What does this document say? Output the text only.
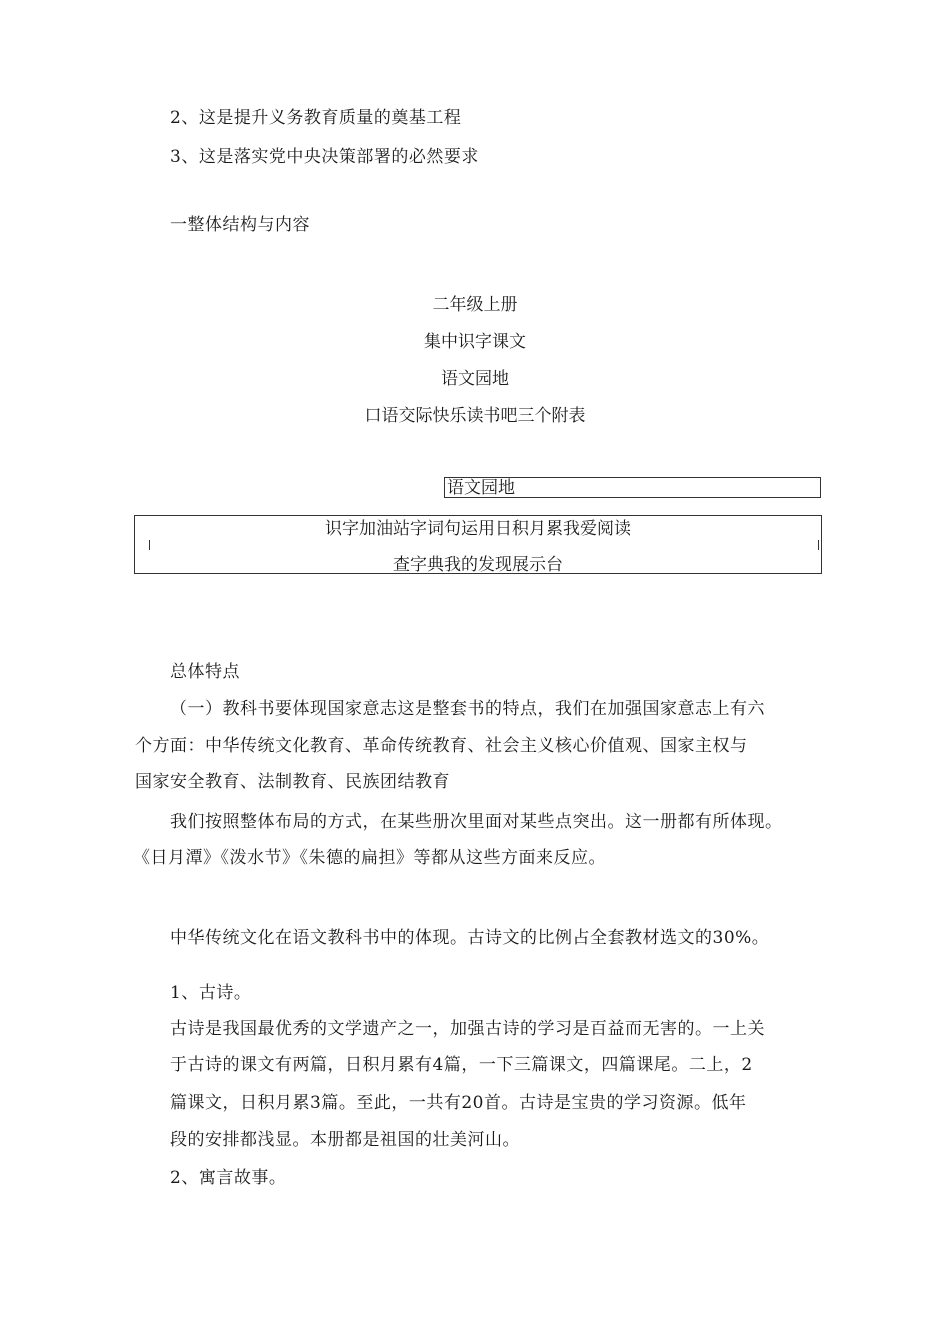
2、这是提升义务教育质量的奠基工程
3、这是落实党中央决策部署的必然要求
一整体结构与内容
二年级上册
集中识字课文
语文园地
口语交际快乐读书吧三个附表
语文园地
识字加油站字词句运用日积月累我爱阅读
查字典我的发现展示台
总体特点
（一）教科书要体现国家意志这是整套书的特点，我们在加强国家意志上有六
个方面：中华传统文化教育、革命传统教育、社会主义核心价值观、国家主权与
国家安全教育、法制教育、民族团结教育
我们按照整体布局的方式，在某些册次里面对某些点突出。这一册都有所体现。
《日月潭》《泼水节》《朱德的扁担》等都从这些方面来反应。
中华传统文化在语文教科书中的体现。古诗文的比例占全套教材选文的30%。
1、古诗。
古诗是我国最优秀的文学遗产之一，加强古诗的学习是百益而无害的。一上关
于古诗的课文有两篇，日积月累有4篇，一下三篇课文，四篇课尾。二上，2
篇课文，日积月累3篇。至此，一共有20首。古诗是宝贵的学习资源。低年
段的安排都浅显。本册都是祖国的壮美河山。
2、寓言故事。
